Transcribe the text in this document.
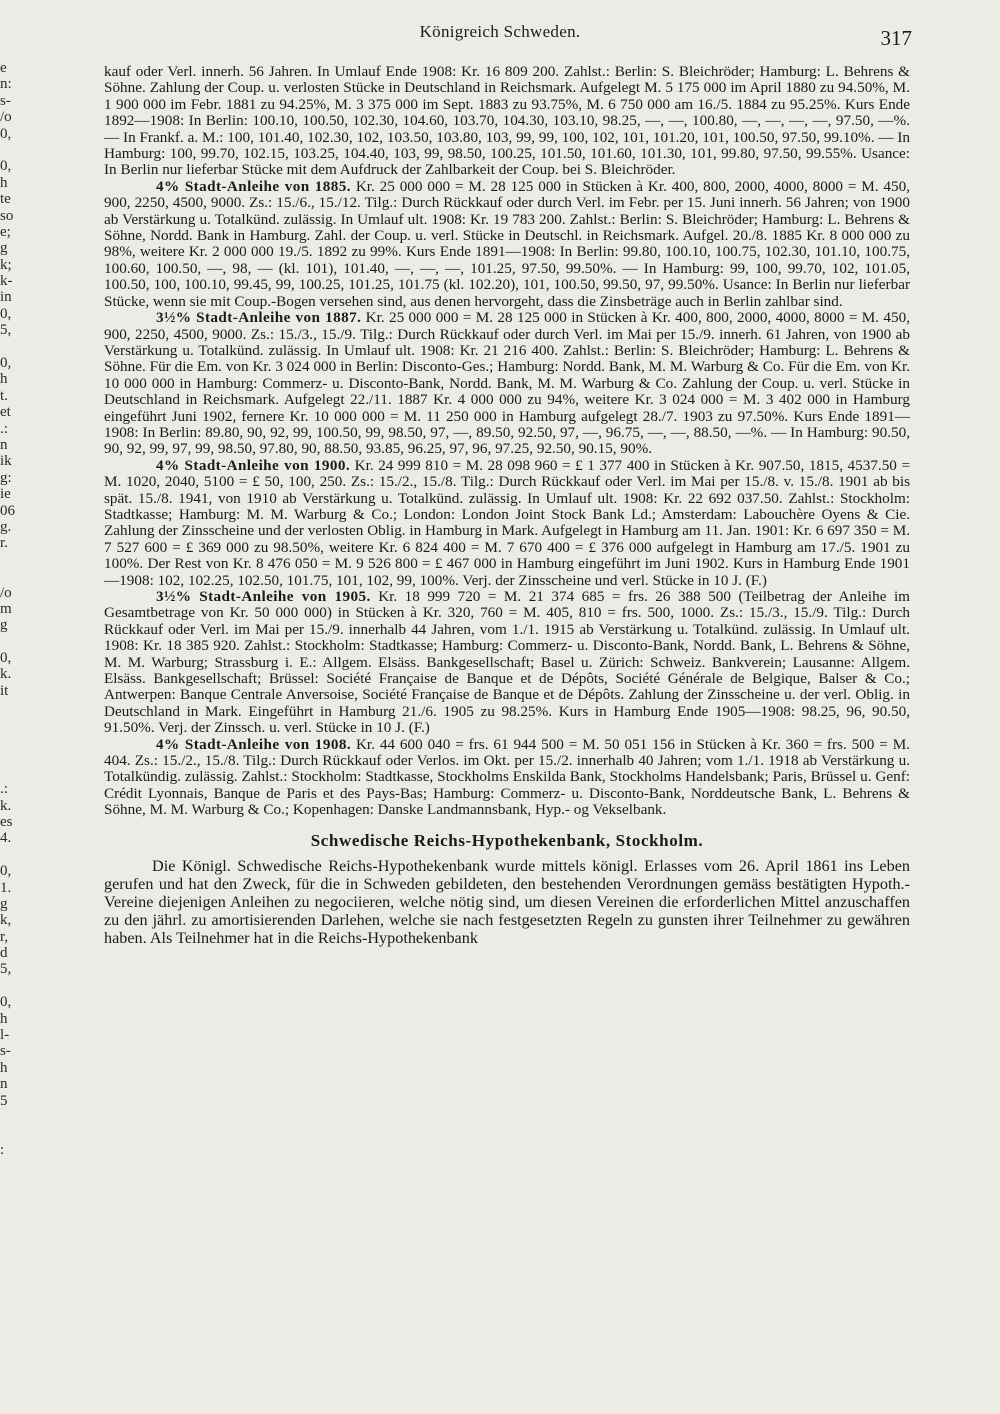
e
n:
s-
/o
0,
0,
h
te
so
e;
g
k;
k-
in
0,
5,
0,
h
t.
et
.:
n
ik
g:
ie
06
g.
r.
/o
m
g
0,
k.
it
.:
k.
es
4.
0,
1.
g
k,
r,
d
5,
0,
h
l-
s-
h
n
5
:
Königreich Schweden.	317

kauf oder Verl. innerh. 56 Jahren. In Umlauf Ende 1908: Kr. 16 809 200. Zahlst.: Berlin: S. Bleichröder; Hamburg: L. Behrens & Söhne. Zahlung der Coup. u. verlosten Stücke in Deutschland in Reichsmark. Aufgelegt M. 5 175 000 im April 1880 zu 94.50%, M. 1 900 000 im Febr. 1881 zu 94.25%, M. 3 375 000 im Sept. 1883 zu 93.75%, M. 6 750 000 am 16./5. 1884 zu 95.25%. Kurs Ende 1892—1908: In Berlin: 100.10, 100.50, 102.30, 104.60, 103.70, 104.30, 103.10, 98.25, —, —, 100.80, —, —, —, —, 97.50, —%. — In Frankf. a. M.: 100, 101.40, 102.30, 102, 103.50, 103.80, 103, 99, 99, 100, 102, 101, 101.20, 101, 100.50, 97.50, 99.10%. — In Hamburg: 100, 99.70, 102.15, 103.25, 104.40, 103, 99, 98.50, 100.25, 101.50, 101.60, 101.30, 101, 99.80, 97.50, 99.55%. Usance: In Berlin nur lieferbar Stücke mit dem Aufdruck der Zahlbarkeit der Coup. bei S. Bleichröder.

4% Stadt-Anleihe von 1885. Kr. 25 000 000 = M. 28 125 000 in Stücken à Kr. 400, 800, 2000, 4000, 8000 = M. 450, 900, 2250, 4500, 9000. Zs.: 15./6., 15./12. Tilg.: Durch Rückkauf oder durch Verl. im Febr. per 15. Juni innerh. 56 Jahren; von 1900 ab Verstärkung u. Totalkünd. zulässig. In Umlauf ult. 1908: Kr. 19 783 200. Zahlst.: Berlin: S. Bleichröder; Hamburg: L. Behrens & Söhne, Nordd. Bank in Hamburg. Zahl. der Coup. u. verl. Stücke in Deutschl. in Reichsmark. Aufgel. 20./8. 1885 Kr. 8 000 000 zu 98%, weitere Kr. 2 000 000 19./5. 1892 zu 99%. Kurs Ende 1891—1908: In Berlin: 99.80, 100.10, 100.75, 102.30, 101.10, 100.75, 100.60, 100.50, —, 98, — (kl. 101), 101.40, —, —, —, 101.25, 97.50, 99.50%. — In Hamburg: 99, 100, 99.70, 102, 101.05, 100.50, 100, 100.10, 99.45, 99, 100.25, 101.25, 101.75 (kl. 102.20), 101, 100.50, 99.50, 97, 99.50%. Usance: In Berlin nur lieferbar Stücke, wenn sie mit Coup.-Bogen versehen sind, aus denen hervorgeht, dass die Zinsbeträge auch in Berlin zahlbar sind.

3½% Stadt-Anleihe von 1887. Kr. 25 000 000 = M. 28 125 000 in Stücken à Kr. 400, 800, 2000, 4000, 8000 = M. 450, 900, 2250, 4500, 9000. Zs.: 15./3., 15./9. Tilg.: Durch Rückkauf oder durch Verl. im Mai per 15./9. innerh. 61 Jahren, von 1900 ab Verstärkung u. Totalkünd. zulässig. In Umlauf ult. 1908: Kr. 21 216 400. Zahlst.: Berlin: S. Bleichröder; Hamburg: L. Behrens & Söhne. Für die Em. von Kr. 3 024 000 in Berlin: Disconto-Ges.; Hamburg: Nordd. Bank, M. M. Warburg & Co. Für die Em. von Kr. 10 000 000 in Hamburg: Commerz- u. Disconto-Bank, Nordd. Bank, M. M. Warburg & Co. Zahlung der Coup. u. verl. Stücke in Deutschland in Reichsmark. Aufgelegt 22./11. 1887 Kr. 4 000 000 zu 94%, weitere Kr. 3 024 000 = M. 3 402 000 in Hamburg eingeführt Juni 1902, fernere Kr. 10 000 000 = M. 11 250 000 in Hamburg aufgelegt 28./7. 1903 zu 97.50%. Kurs Ende 1891—1908: In Berlin: 89.80, 90, 92, 99, 100.50, 99, 98.50, 97, —, 89.50, 92.50, 97, —, 96.75, —, —, 88.50, —%. — In Hamburg: 90.50, 90, 92, 99, 97, 99, 98.50, 97.80, 90, 88.50, 93.85, 96.25, 97, 96, 97.25, 92.50, 90.15, 90%.

4% Stadt-Anleihe von 1900. Kr. 24 999 810 = M. 28 098 960 = £ 1 377 400 in Stücken à Kr. 907.50, 1815, 4537.50 = M. 1020, 2040, 5100 = £ 50, 100, 250. Zs.: 15./2., 15./8. Tilg.: Durch Rückkauf oder Verl. im Mai per 15./8. v. 15./8. 1901 ab bis spät. 15./8. 1941, von 1910 ab Verstärkung u. Totalkünd. zulässig. In Umlauf ult. 1908: Kr. 22 692 037.50. Zahlst.: Stockholm: Stadtkasse; Hamburg: M. M. Warburg & Co.; London: London Joint Stock Bank Ld.; Amsterdam: Labouchère Oyens & Cie. Zahlung der Zinsscheine und der verlosten Oblig. in Hamburg in Mark. Aufgelegt in Hamburg am 11. Jan. 1901: Kr. 6 697 350 = M. 7 527 600 = £ 369 000 zu 98.50%, weitere Kr. 6 824 400 = M. 7 670 400 = £ 376 000 aufgelegt in Hamburg am 17./5. 1901 zu 100%. Der Rest von Kr. 8 476 050 = M. 9 526 800 = £ 467 000 in Hamburg eingeführt im Juni 1902. Kurs in Hamburg Ende 1901—1908: 102, 102.25, 102.50, 101.75, 101, 102, 99, 100%. Verj. der Zinsscheine und verl. Stücke in 10 J. (F.)

3½% Stadt-Anleihe von 1905. Kr. 18 999 720 = M. 21 374 685 = frs. 26 388 500 (Teilbetrag der Anleihe im Gesamtbetrage von Kr. 50 000 000) in Stücken à Kr. 320, 760 = M. 405, 810 = frs. 500, 1000. Zs.: 15./3., 15./9. Tilg.: Durch Rückkauf oder Verl. im Mai per 15./9. innerhalb 44 Jahren, vom 1./1. 1915 ab Verstärkung u. Totalkünd. zulässig. In Umlauf ult. 1908: Kr. 18 385 920. Zahlst.: Stockholm: Stadtkasse; Hamburg: Commerz- u. Disconto-Bank, Nordd. Bank, L. Behrens & Söhne, M. M. Warburg; Strassburg i. E.: Allgem. Elsäss. Bankgesellschaft; Basel u. Zürich: Schweiz. Bankverein; Lausanne: Allgem. Elsäss. Bankgesellschaft; Brüssel: Société Française de Banque et de Dépôts, Société Générale de Belgique, Balser & Co.; Antwerpen: Banque Centrale Anversoise, Société Française de Banque et de Dépôts. Zahlung der Zinsscheine u. der verl. Oblig. in Deutschland in Mark. Eingeführt in Hamburg 21./6. 1905 zu 98.25%. Kurs in Hamburg Ende 1905—1908: 98.25, 96, 90.50, 91.50%. Verj. der Zinssch. u. verl. Stücke in 10 J. (F.)

4% Stadt-Anleihe von 1908. Kr. 44 600 040 = frs. 61 944 500 = M. 50 051 156 in Stücken à Kr. 360 = frs. 500 = M. 404. Zs.: 15./2., 15./8. Tilg.: Durch Rückkauf oder Verlos. im Okt. per 15./2. innerhalb 40 Jahren; vom 1./1. 1918 ab Verstärkung u. Totalkündig. zulässig. Zahlst.: Stockholm: Stadtkasse, Stockholms Enskilda Bank, Stockholms Handelsbank; Paris, Brüssel u. Genf: Crédit Lyonnais, Banque de Paris et des Pays-Bas; Hamburg: Commerz- u. Disconto-Bank, Norddeutsche Bank, L. Behrens & Söhne, M. M. Warburg & Co.; Kopenhagen: Danske Landmannsbank, Hyp.- og Vekselbank.

Schwedische Reichs-Hypothekenbank, Stockholm.

Die Königl. Schwedische Reichs-Hypothekenbank wurde mittels königl. Erlasses vom 26. April 1861 ins Leben gerufen und hat den Zweck, für die in Schweden gebildeten, den bestehenden Verordnungen gemäss bestätigten Hypoth.-Vereine diejenigen Anleihen zu negociieren, welche nötig sind, um diesen Vereinen die erforderlichen Mittel anzuschaffen zu den jährl. zu amortisierenden Darlehen, welche sie nach festgesetzten Regeln zu gunsten ihrer Teilnehmer zu gewähren haben. Als Teilnehmer hat in die Reichs-Hypothekenbank
